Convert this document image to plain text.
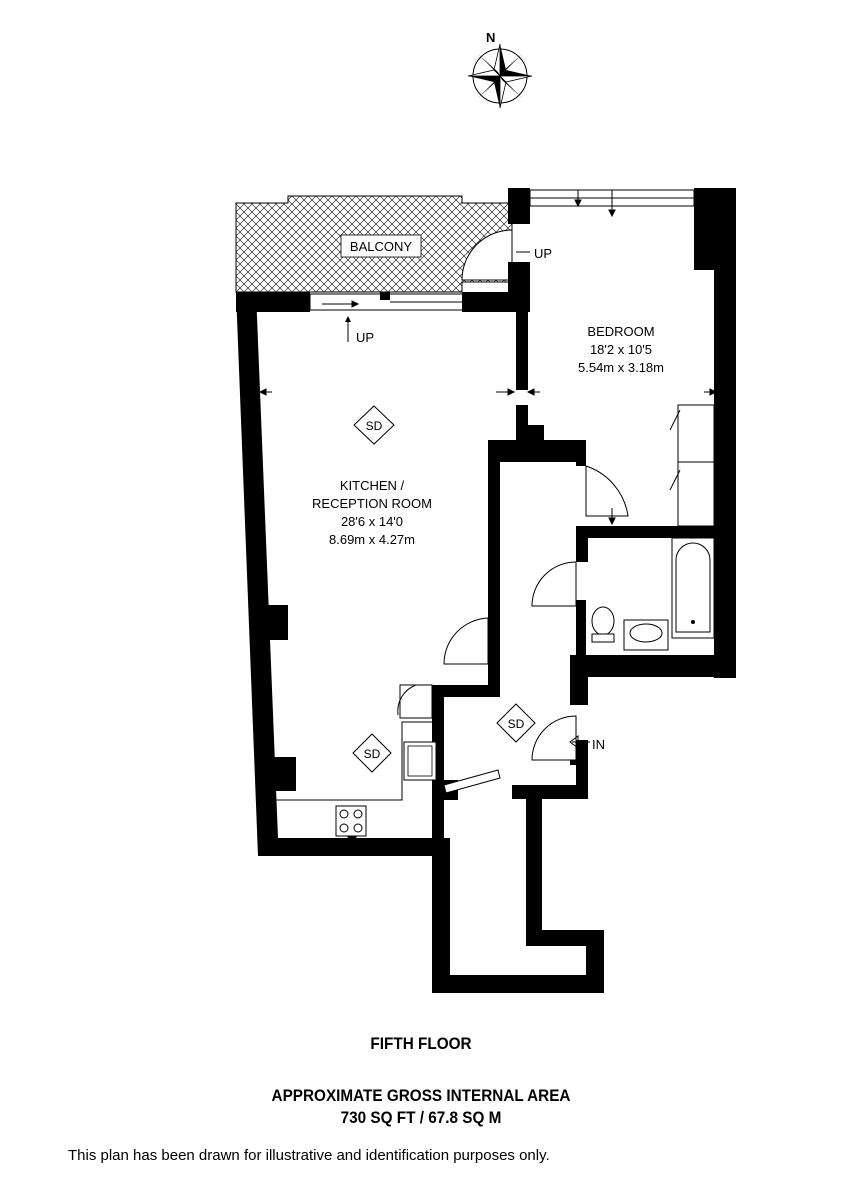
N
BALCONY
UP
UP
IN
SD
SD
SD
BEDROOM
18'2 x 10'5
5.54m x 3.18m
KITCHEN /
RECEPTION ROOM
28'6 x 14'0
8.69m x 4.27m
FIFTH FLOOR
APPROXIMATE GROSS INTERNAL AREA
730 SQ FT / 67.8 SQ M
This plan has been drawn for illustrative and identification purposes only.
